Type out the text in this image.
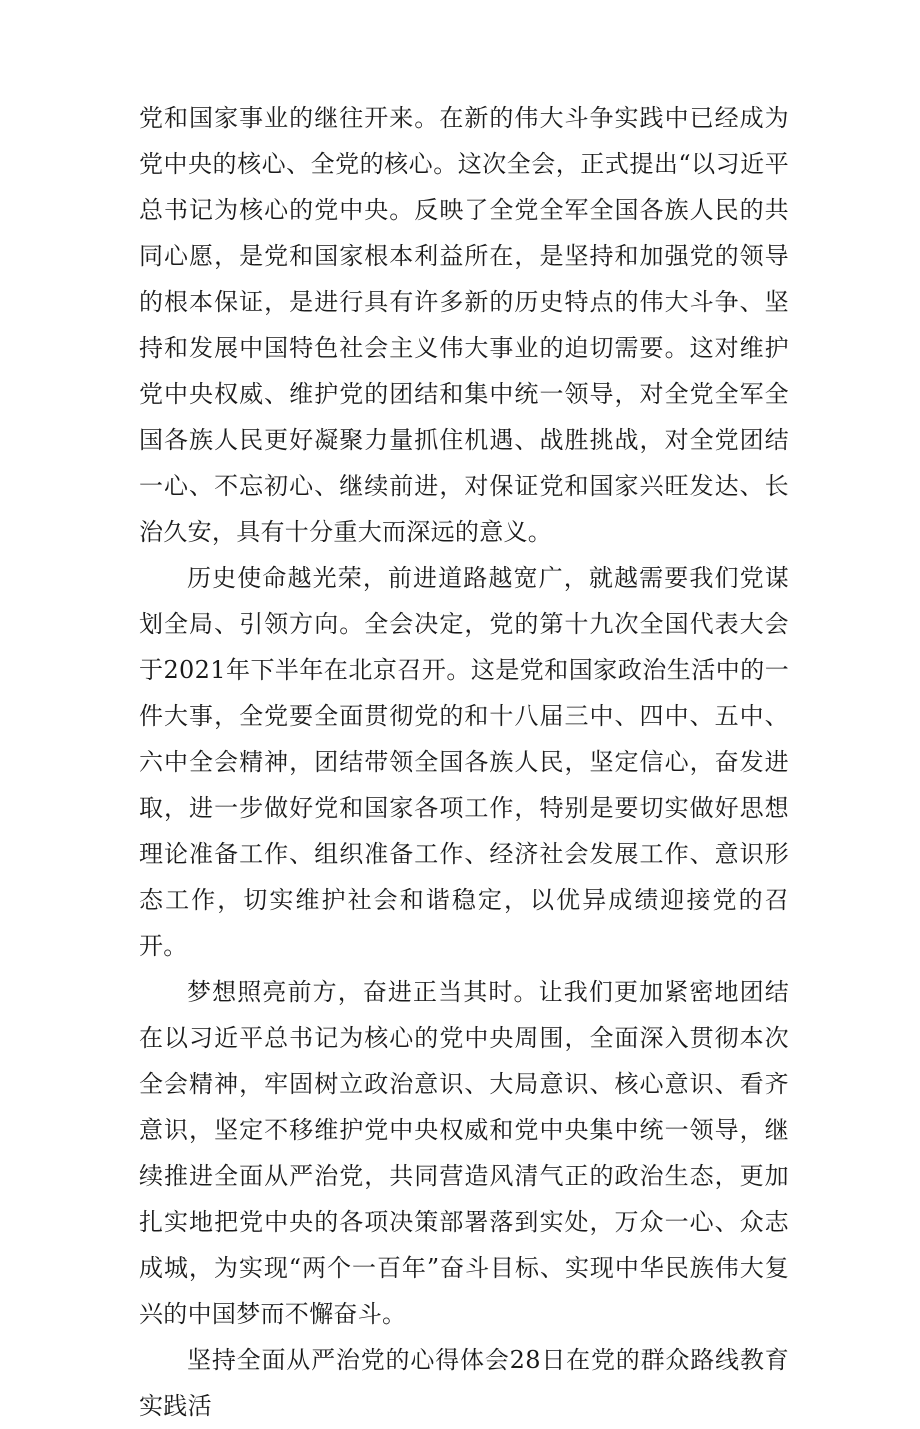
党和国家事业的继往开来。在新的伟大斗争实践中已经成为党中央的核心、全党的核心。这次全会，正式提出“以习近平总书记为核心的党中央。反映了全党全军全国各族人民的共同心愿，是党和国家根本利益所在，是坚持和加强党的领导的根本保证，是进行具有许多新的历史特点的伟大斗争、坚持和发展中国特色社会主义伟大事业的迫切需要。这对维护党中央权威、维护党的团结和集中统一领导，对全党全军全国各族人民更好凝聚力量抓住机遇、战胜挑战，对全党团结一心、不忘初心、继续前进，对保证党和国家兴旺发达、长治久安，具有十分重大而深远的意义。

历史使命越光荣，前进道路越宽广，就越需要我们党谋划全局、引领方向。全会决定，党的第十九次全国代表大会于2021年下半年在北京召开。这是党和国家政治生活中的一件大事，全党要全面贯彻党的和十八届三中、四中、五中、六中全会精神，团结带领全国各族人民，坚定信心，奋发进取，进一步做好党和国家各项工作，特别是要切实做好思想理论准备工作、组织准备工作、经济社会发展工作、意识形态工作，切实维护社会和谐稳定，以优异成绩迎接党的召开。

梦想照亮前方，奋进正当其时。让我们更加紧密地团结在以习近平总书记为核心的党中央周围，全面深入贯彻本次全会精神，牢固树立政治意识、大局意识、核心意识、看齐意识，坚定不移维护党中央权威和党中央集中统一领导，继续推进全面从严治党，共同营造风清气正的政治生态，更加扎实地把党中央的各项决策部署落到实处，万众一心、众志成城，为实现“两个一百年”奋斗目标、实现中华民族伟大复兴的中国梦而不懈奋斗。

坚持全面从严治党的心得体会28日在党的群众路线教育实践活
